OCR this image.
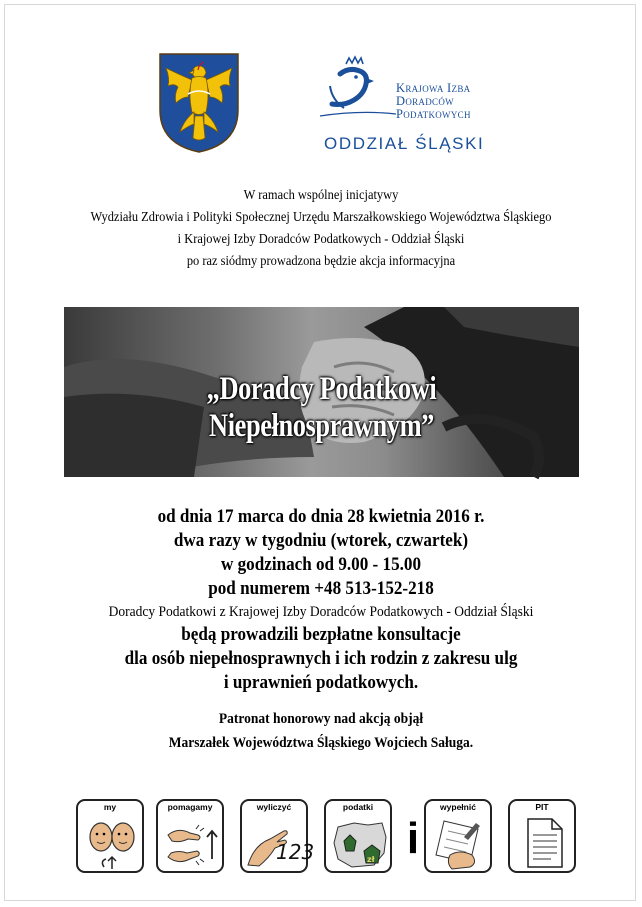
Krajowa Izba
Doradców
Podatkowych
ODDZIAŁ ŚLĄSKI
W ramach wspólnej inicjatywy
Wydziału Zdrowia i Polityki Społecznej Urzędu Marszałkowskiego Województwa Śląskiego
i Krajowej Izby Doradców Podatkowych - Oddział Śląski
po raz siódmy prowadzona będzie akcja informacyjna
„Doradcy Podatkowi Niepełnosprawnym”
od dnia 17 marca do dnia 28 kwietnia 2016 r.
dwa razy w tygodniu (wtorek, czwartek)
w godzinach od 9.00 - 15.00
pod numerem +48 513-152-218
Doradcy Podatkowi z Krajowej Izby Doradców Podatkowych - Oddział Śląski
będą prowadzili bezpłatne konsultacje
dla osób niepełnosprawnych i ich rodzin z zakresu ulg
i uprawnień podatkowych.
Patronat honorowy nad akcją objął
Marszałek Województwa Śląskiego Wojciech Saługa.
my	pomagamy	wyliczyć
123
podatki
zł i
wypełnić	PIT
